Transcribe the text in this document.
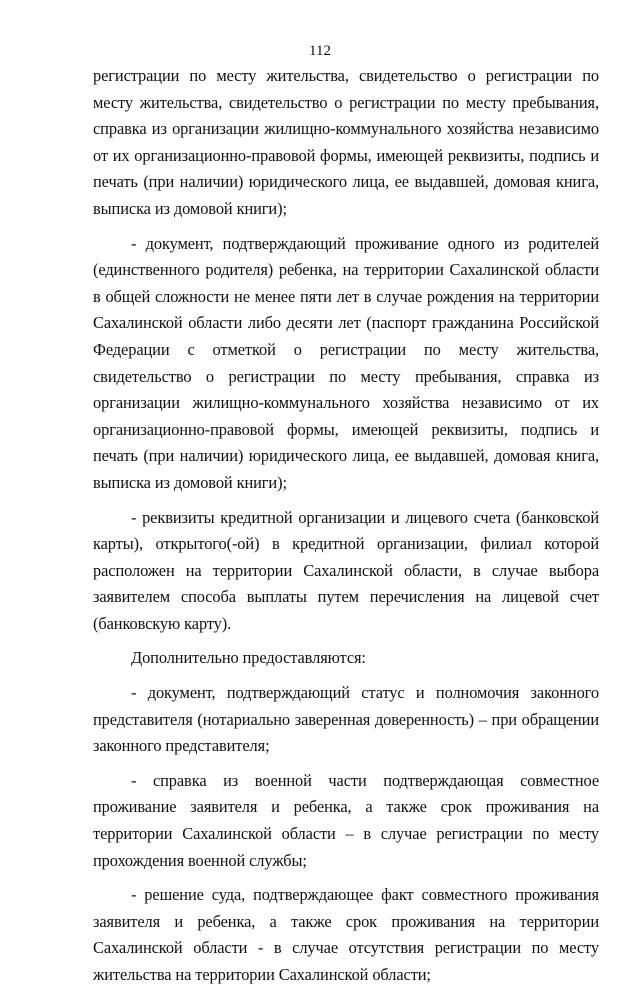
112

регистрации по месту жительства, свидетельство о регистрации по месту жительства, свидетельство о регистрации по месту пребывания, справка из организации жилищно-коммунального хозяйства независимо от их организационно-правовой формы, имеющей реквизиты, подпись и печать (при наличии) юридического лица, ее выдавшей, домовая книга, выписка из домовой книги);

- документ, подтверждающий проживание одного из родителей (единственного родителя) ребенка, на территории Сахалинской области в общей сложности не менее пяти лет в случае рождения на территории Сахалинской области либо десяти лет (паспорт гражданина Российской Федерации с отметкой о регистрации по месту жительства, свидетельство о регистрации по месту пребывания, справка из организации жилищно-коммунального хозяйства независимо от их организационно-правовой формы, имеющей реквизиты, подпись и печать (при наличии) юридического лица, ее выдавшей, домовая книга, выписка из домовой книги);

- реквизиты кредитной организации и лицевого счета (банковской карты), открытого(-ой) в кредитной организации, филиал которой расположен на территории Сахалинской области, в случае выбора заявителем способа выплаты путем перечисления на лицевой счет (банковскую карту).

Дополнительно предоставляются:

- документ, подтверждающий статус и полномочия законного представителя (нотариально заверенная доверенность) – при обращении законного представителя;

- справка из военной части подтверждающая совместное проживание заявителя и ребенка, а также срок проживания на территории Сахалинской области – в случае регистрации по месту прохождения военной службы;

- решение суда, подтверждающее факт совместного проживания заявителя и ребенка, а также срок проживания на территории Сахалинской области - в случае отсутствия регистрации по месту жительства на территории Сахалинской области;
